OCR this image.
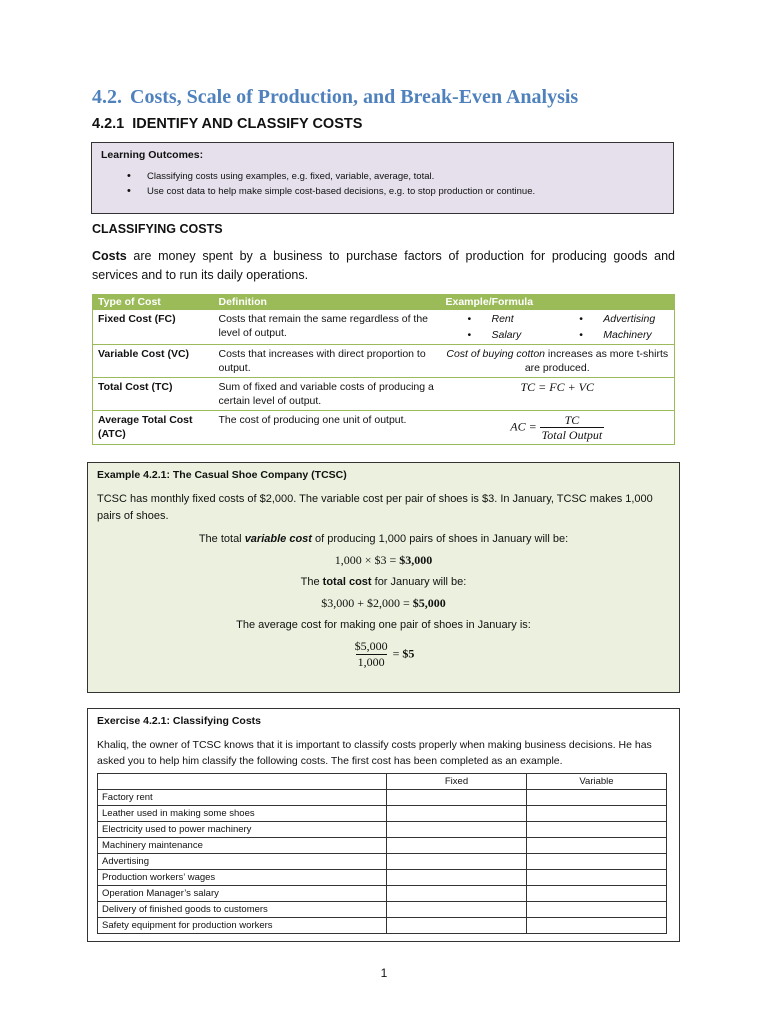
4.2. Costs, Scale of Production, and Break-Even Analysis
4.2.1 IDENTIFY AND CLASSIFY COSTS
Learning Outcomes:
• Classifying costs using examples, e.g. fixed, variable, average, total.
• Use cost data to help make simple cost-based decisions, e.g. to stop production or continue.
CLASSIFYING COSTS
Costs are money spent by a business to purchase factors of production for producing goods and services and to run its daily operations.
Type of Cost	Definition	Example/Formula
Fixed Cost (FC)	Costs that remain the same regardless of the level of output.	• Rent • Advertising
• Salary • Machinery

Variable Cost (VC)	Costs that increases with direct proportion to output.	Cost of buying cotton increases as more t-shirts are produced.
Total Cost (TC)	Sum of fixed and variable costs of producing a certain level of output.	TC = FC + VC
Average Total Cost (ATC)	The cost of producing one unit of output.	AC = $\frac{TC}{\text{Total Output}}$
Example 4.2.1: The Casual Shoe Company (TCSC)
TCSC has monthly fixed costs of $2,000. The variable cost per pair of shoes is $3. In January, TCSC makes 1,000 pairs of shoes.
The total variable cost of producing 1,000 pairs of shoes in January will be:
1,000 × $3 = $3,000
The total cost for January will be:
$3,000 + $2,000 = $5,000
The average cost for making one pair of shoes in January is:
$\frac{\$5,000}{1,000}$ = $5
Exercise 4.2.1: Classifying Costs
Khaliq, the owner of TCSC knows that it is important to classify costs properly when making business decisions. He has asked you to help him classify the following costs. The first cost has been completed as an example.
	Fixed	Variable
Factory rent		
Leather used in making some shoes		
Electricity used to power machinery		
Machinery maintenance		
Advertising		
Production workers’ wages		
Operation Manager’s salary		
Delivery of finished goods to customers		
Safety equipment for production workers		
1
